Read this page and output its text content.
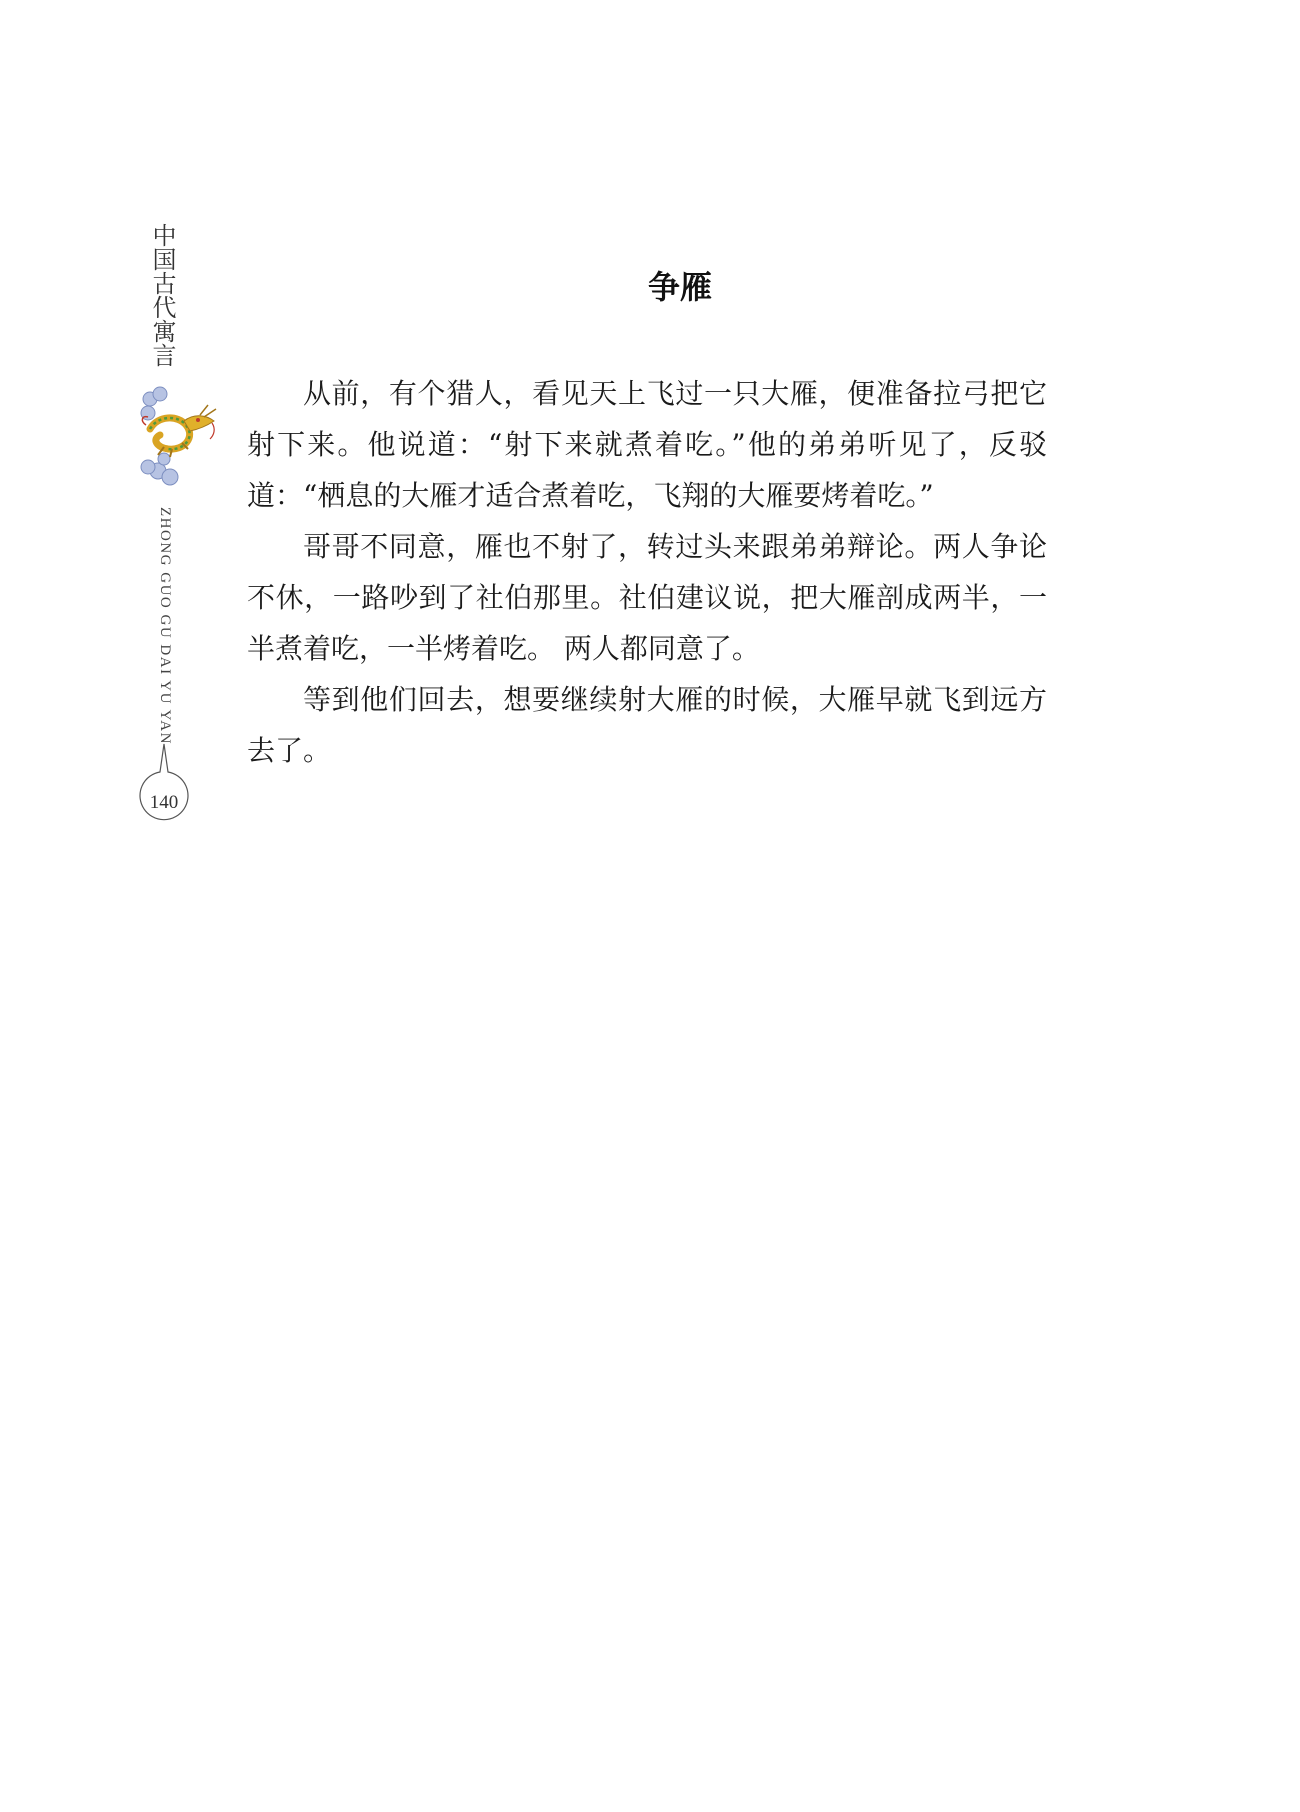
中国古代寓言
ZHONG GUO GU DAI YU YAN
140
争雁

从前，有个猎人，看见天上飞过一只大雁，便准备拉弓把它射下来。他说道：“射下来就煮着吃。”他的弟弟听见了，反驳道：“栖息的大雁才适合煮着吃，飞翔的大雁要烤着吃。”

哥哥不同意，雁也不射了，转过头来跟弟弟辩论。两人争论不休，一路吵到了社伯那里。社伯建议说，把大雁剖成两半，一半煮着吃，一半烤着吃。 两人都同意了。

等到他们回去，想要继续射大雁的时候，大雁早就飞到远方去了。
